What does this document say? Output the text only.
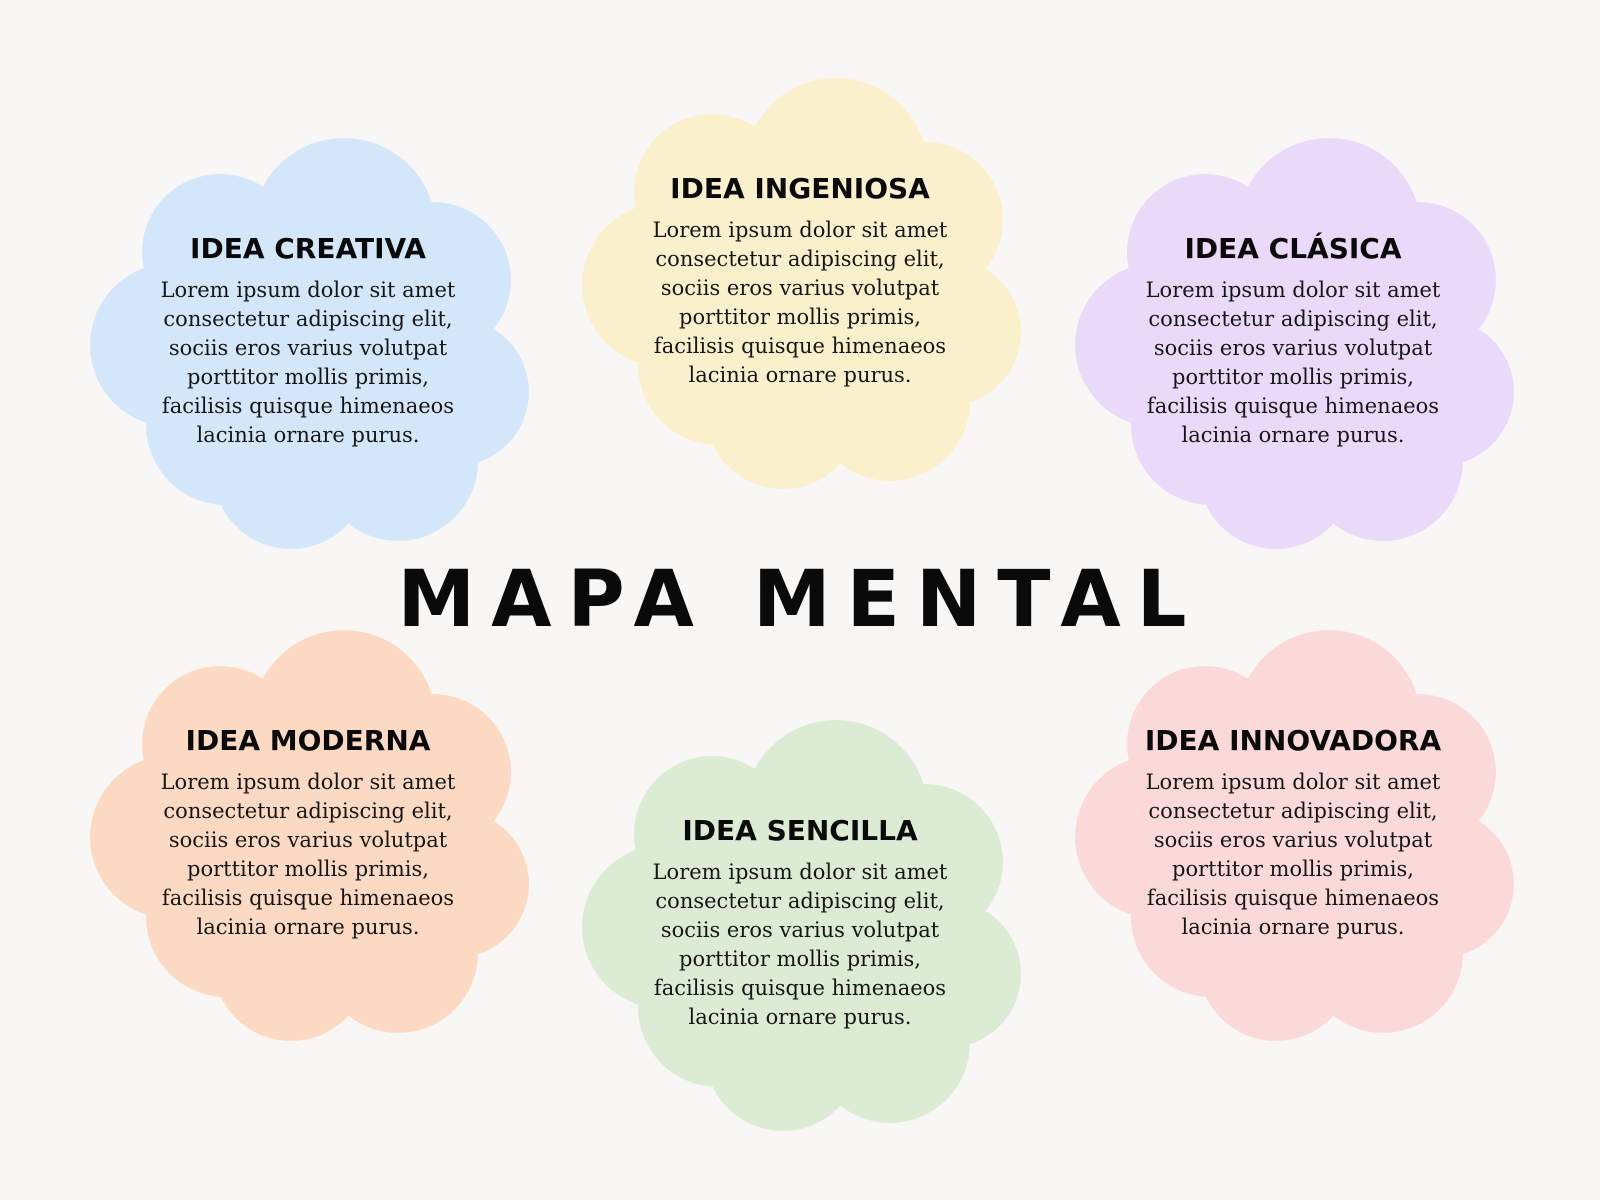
IDEA CREATIVA
Lorem ipsum dolor sit amet
consectetur adipiscing elit,
sociis eros varius volutpat
porttitor mollis primis,
facilisis quisque himenaeos
lacinia ornare purus.
IDEA INGENIOSA
Lorem ipsum dolor sit amet
consectetur adipiscing elit,
sociis eros varius volutpat
porttitor mollis primis,
facilisis quisque himenaeos
lacinia ornare purus.
IDEA CLÁSICA
Lorem ipsum dolor sit amet
consectetur adipiscing elit,
sociis eros varius volutpat
porttitor mollis primis,
facilisis quisque himenaeos
lacinia ornare purus.
MAPA MENTAL
IDEA MODERNA
Lorem ipsum dolor sit amet
consectetur adipiscing elit,
sociis eros varius volutpat
porttitor mollis primis,
facilisis quisque himenaeos
lacinia ornare purus.
IDEA SENCILLA
Lorem ipsum dolor sit amet
consectetur adipiscing elit,
sociis eros varius volutpat
porttitor mollis primis,
facilisis quisque himenaeos
lacinia ornare purus.
IDEA INNOVADORA
Lorem ipsum dolor sit amet
consectetur adipiscing elit,
sociis eros varius volutpat
porttitor mollis primis,
facilisis quisque himenaeos
lacinia ornare purus.
